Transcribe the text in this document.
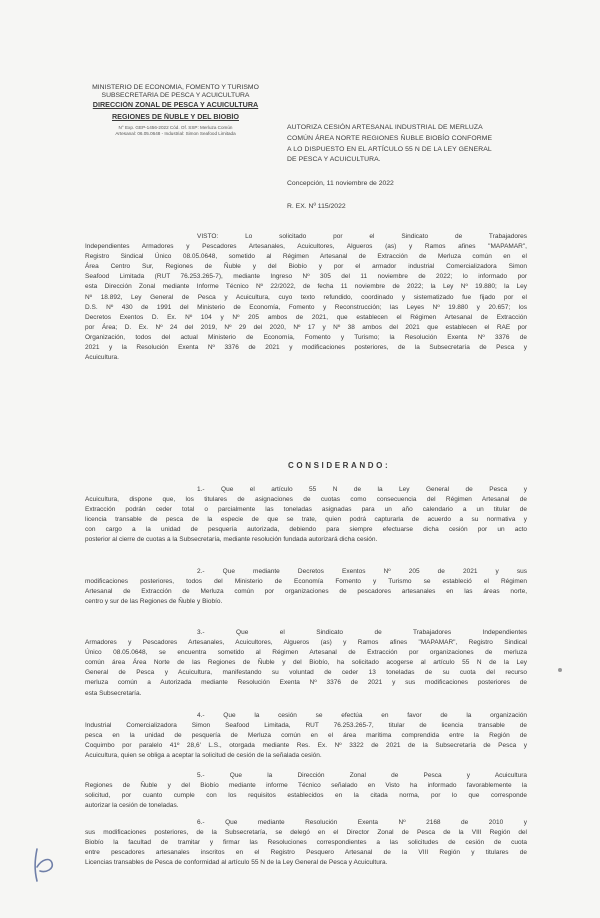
MINISTERIO DE ECONOMÍA, FOMENTO Y TURISMO
SUBSECRETARÍA DE PESCA Y ACUICULTURA
DIRECCIÓN ZONAL DE PESCA Y ACUICULTURA
REGIONES DE ÑUBLE Y DEL BIOBÍO
N° Exp. GEP-1456-2022 Cód. Of. SSP: Merluza Común
Artesanal: 06.05.0648 - Industrial: Simon Seafood Limitada
AUTORIZA CESIÓN ARTESANAL INDUSTRIAL DE MERLUZA
COMÚN ÁREA NORTE REGIONES ÑUBLE BIOBÍO CONFORME
A LO DISPUESTO EN EL ARTÍCULO 55 N DE LA LEY GENERAL
DE PESCA Y ACUICULTURA.
Concepción, 11 noviembre de 2022
R. EX. Nº 115/2022
VISTO: Lo solicitado por el Sindicato de Trabajadores
Independientes Armadores y Pescadores Artesanales, Acuicultores, Algueros (as) y Ramos afines "MAPAMAR",
Registro Sindical Único 08.05.0648, sometido al Régimen Artesanal de Extracción de Merluza común en el
Área Centro Sur, Regiones de Ñuble y del Biobío y por el armador industrial Comercializadora Simon
Seafood Limitada (RUT 76.253.265-7), mediante Ingreso Nº 305 del 11 noviembre de 2022; lo informado por
esta Dirección Zonal mediante Informe Técnico Nº 22/2022, de fecha 11 noviembre de 2022; la Ley Nº 19.880; la Ley
Nº 18.892, Ley General de Pesca y Acuicultura, cuyo texto refundido, coordinado y sistematizado fue fijado por el
D.S. Nº 430 de 1991 del Ministerio de Economía, Fomento y Reconstrucción; las Leyes Nº 19.880 y 20.657; los
Decretos Exentos D. Ex. Nº 104 y Nº 205 ambos de 2021, que establecen el Régimen Artesanal de Extracción
por Área; D. Ex. Nº 24 del 2019, Nº 29 del 2020, Nº 17 y Nº 38 ambos del 2021 que establecen el RAE por
Organización, todos del actual Ministerio de Economía, Fomento y Turismo; la Resolución Exenta Nº 3376 de
2021 y la Resolución Exenta Nº 3376 de 2021 y modificaciones posteriores, de la Subsecretaría de Pesca y
Acuicultura.
CONSIDERANDO:
1.- Que el artículo 55 N de la Ley General de Pesca y
Acuicultura, dispone que, los titulares de asignaciones de cuotas como consecuencia del Régimen Artesanal de
Extracción podrán ceder total o parcialmente las toneladas asignadas para un año calendario a un titular de
licencia transable de pesca de la especie de que se trate, quien podrá capturarla de acuerdo a su normativa y
con cargo a la unidad de pesquería autorizada, debiendo para siempre efectuarse dicha cesión por un acto
posterior al cierre de cuotas a la Subsecretaría, mediante resolución fundada autorizará dicha cesión.
2.- Que mediante Decretos Exentos Nº 205 de 2021 y sus
modificaciones posteriores, todos del Ministerio de Economía Fomento y Turismo se estableció el Régimen
Artesanal de Extracción de Merluza común por organizaciones de pescadores artesanales en las áreas norte,
centro y sur de las Regiones de Ñuble y Biobío.
3.- Que el Sindicato de Trabajadores Independientes
Armadores y Pescadores Artesanales, Acuicultores, Algueros (as) y Ramos afines "MAPAMAR", Registro Sindical
Único 08.05.0648, se encuentra sometido al Régimen Artesanal de Extracción por organizaciones de merluza
común área Área Norte de las Regiones de Ñuble y del Biobío, ha solicitado acogerse al artículo 55 N de la Ley
General de Pesca y Acuicultura, manifestando su voluntad de ceder 13 toneladas de su cuota del recurso
merluza común a Autorizada mediante Resolución Exenta Nº 3376 de 2021 y sus modificaciones posteriores de
esta Subsecretaría.
4.- Que la cesión se efectúa en favor de la organización
Industrial Comercializadora Simon Seafood Limitada, RUT 76.253.265-7, titular de licencia transable de
pesca en la unidad de pesquería de Merluza común en el área marítima comprendida entre la Región de
Coquimbo por paralelo 41º 28,6' L.S., otorgada mediante Res. Ex. Nº 3322 de 2021 de la Subsecretaría de Pesca y
Acuicultura, quien se obliga a aceptar la solicitud de cesión de la señalada cesión.
5.- Que la Dirección Zonal de Pesca y Acuicultura
Regiones de Ñuble y del Biobío mediante informe Técnico señalado en Visto ha informado favorablemente la
solicitud, por cuanto cumple con los requisitos establecidos en la citada norma, por lo que corresponde
autorizar la cesión de toneladas.
6.- Que mediante Resolución Exenta Nº 2168 de 2010 y
sus modificaciones posteriores, de la Subsecretaría, se delegó en el Director Zonal de Pesca de la VIII Región del
Biobío la facultad de tramitar y firmar las Resoluciones correspondientes a las solicitudes de cesión de cuota
entre pescadores artesanales inscritos en el Registro Pesquero Artesanal de la VIII Región y titulares de
Licencias transables de Pesca de conformidad al artículo 55 N de la Ley General de Pesca y Acuicultura.
